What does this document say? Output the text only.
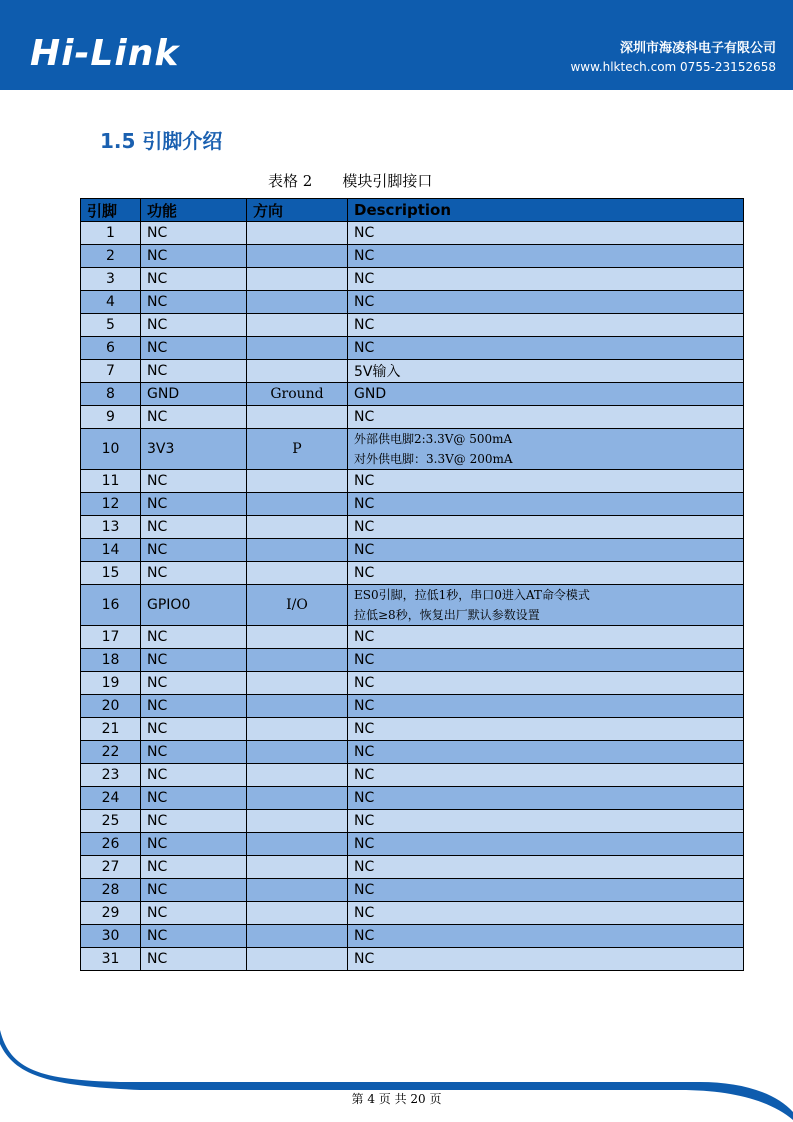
Hi-Link	深圳市海凌科电子有限公司
www.hlktech.com 0755-23152658
1.5 引脚介绍
表格 2 模块引脚接口
引脚	功能	方向	Description
1	NC		NC
2	NC		NC
3	NC		NC
4	NC		NC
5	NC		NC
6	NC		NC
7	NC		5V输入
8	GND	Ground	GND
9	NC		NC
10	3V3	P	外部供电脚2:3.3V@ 500mA
对外供电脚：3.3V@ 200mA

11	NC		NC
12	NC		NC
13	NC		NC
14	NC		NC
15	NC		NC
16	GPIO0	I/O	ES0引脚，拉低1秒，串口0进入AT命令模式
拉低≥8秒，恢复出厂默认参数设置

17	NC		NC
18	NC		NC
19	NC		NC
20	NC		NC
21	NC		NC
22	NC		NC
23	NC		NC
24	NC		NC
25	NC		NC
26	NC		NC
27	NC		NC
28	NC		NC
29	NC		NC
30	NC		NC
31	NC		NC
第 4 页 共 20 页
